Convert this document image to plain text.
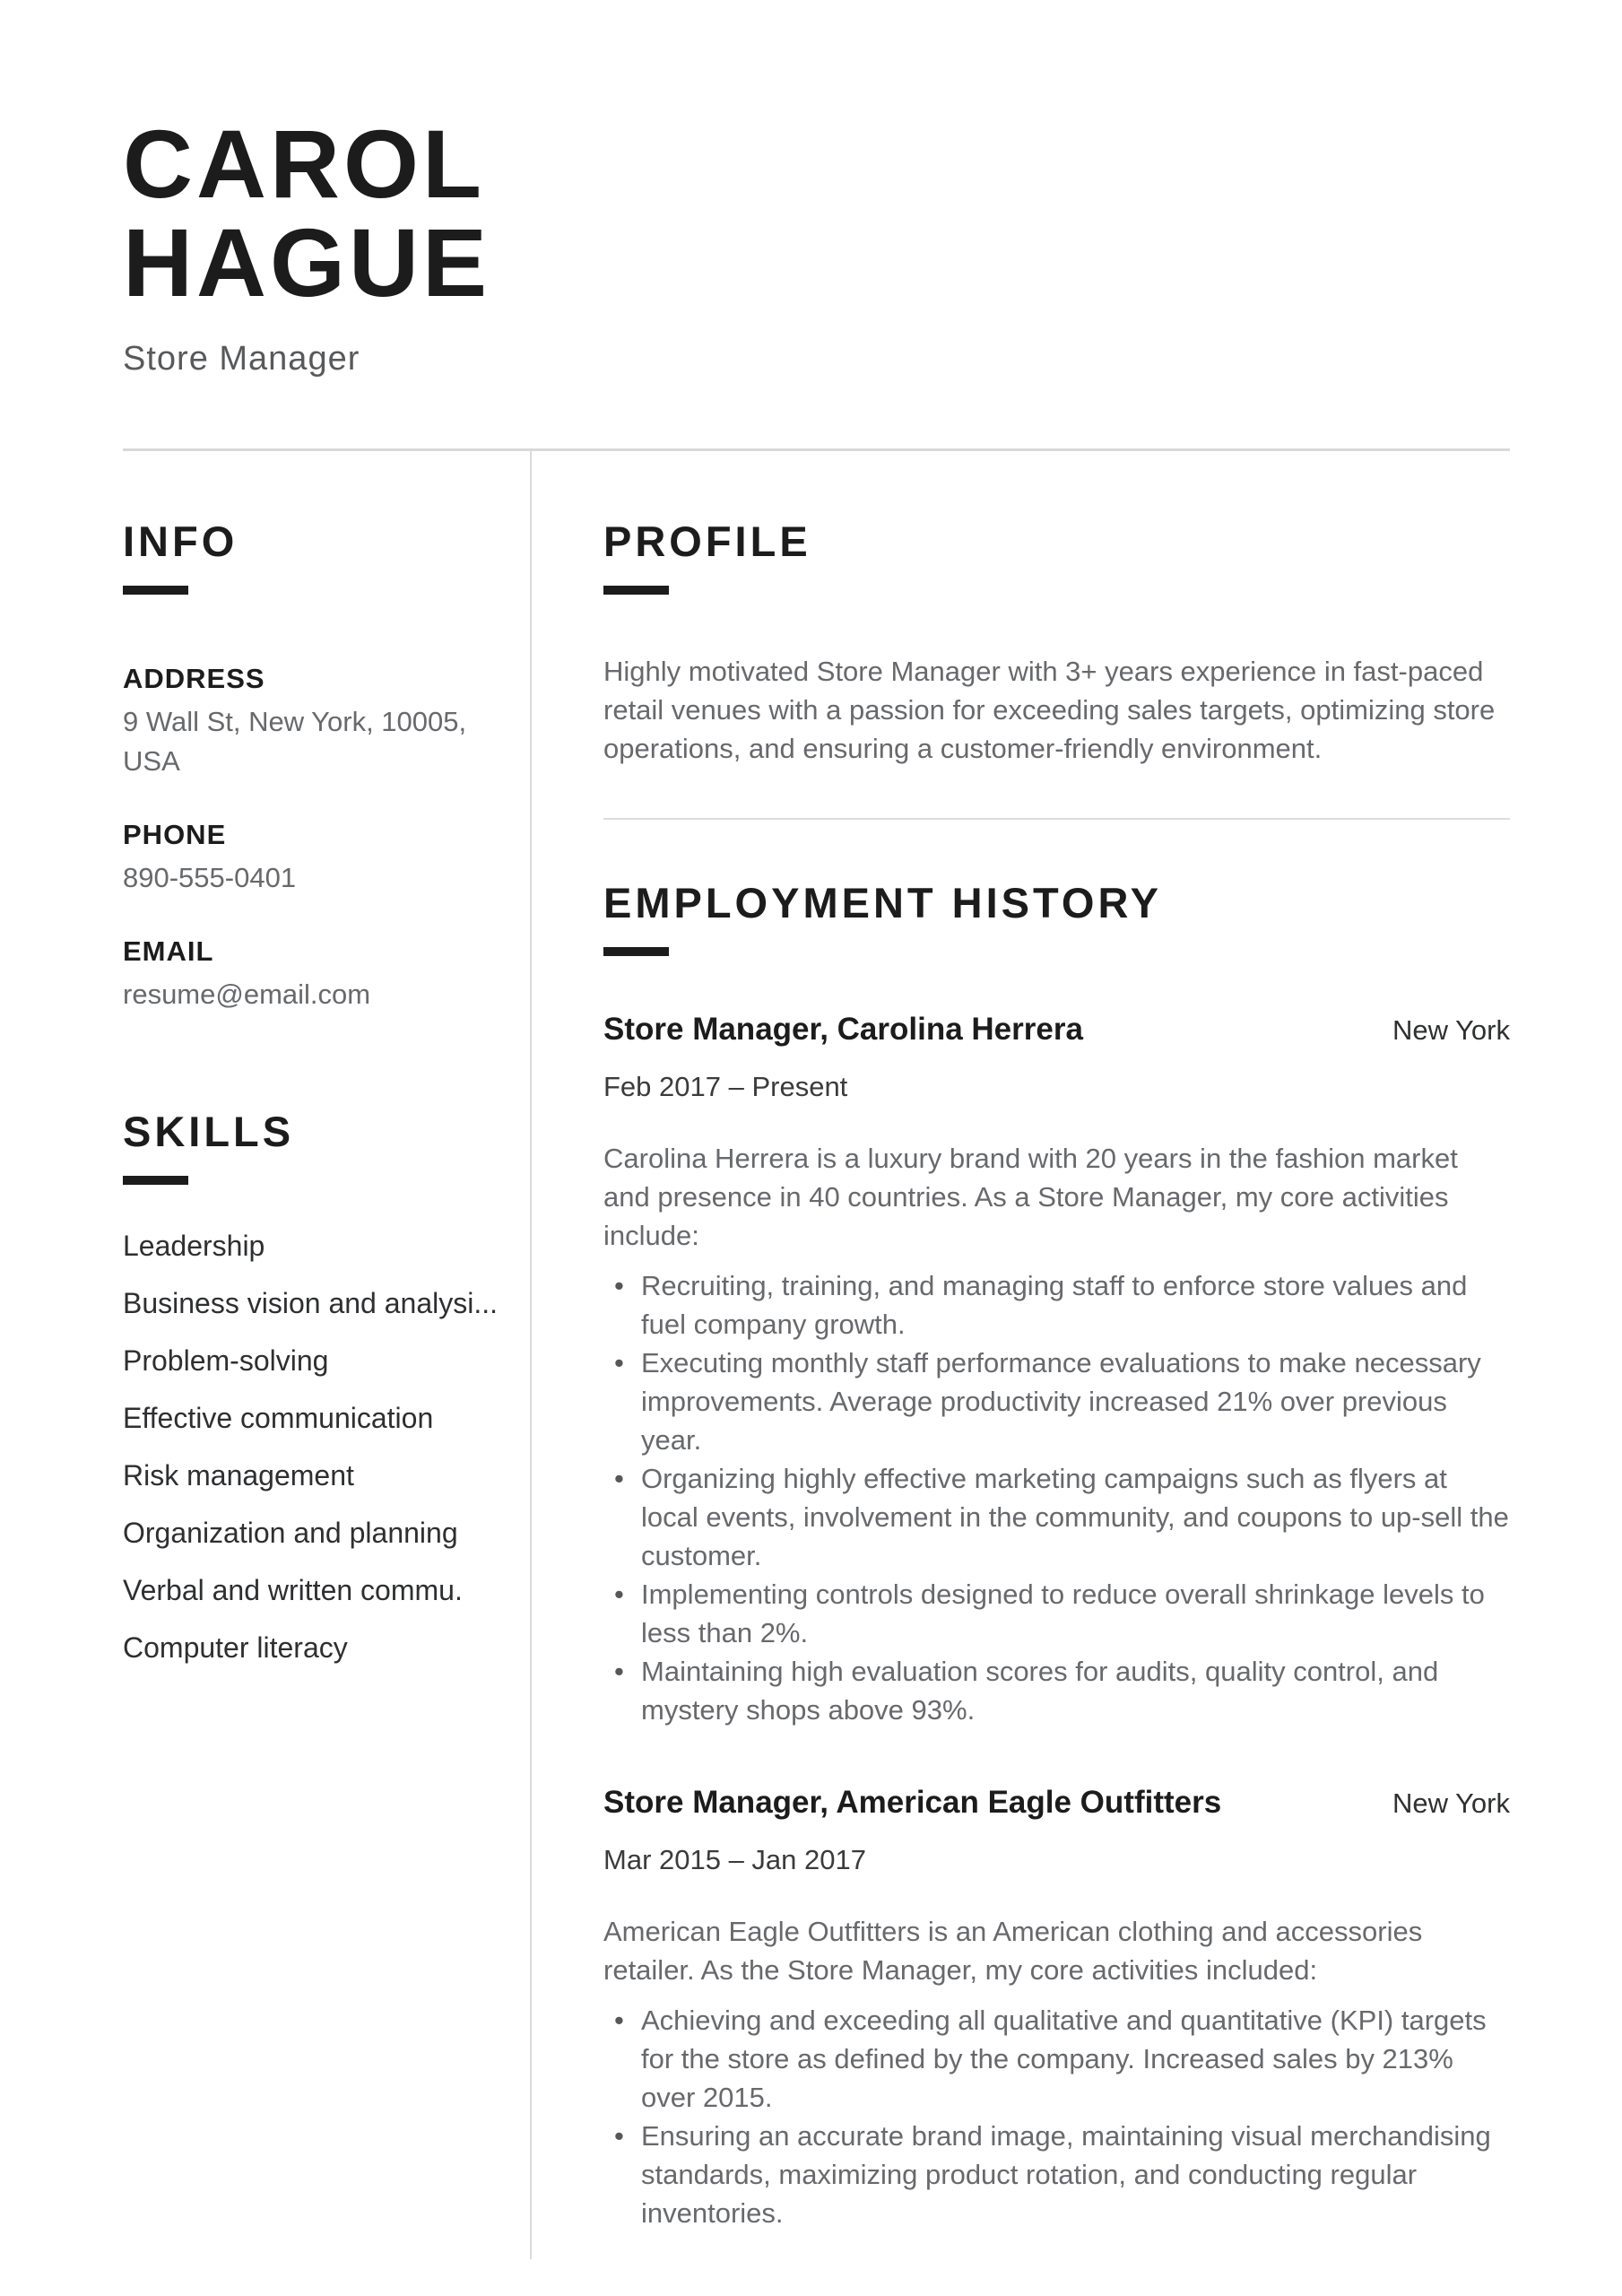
CAROL
HAGUE
Store Manager
INFO
ADDRESS
9 Wall St, New York, 10005,
USA
PHONE
890-555-0401
EMAIL
resume@email.com
SKILLS
Leadership
Business vision and analysi...
Problem-solving
Effective communication
Risk management
Organization and planning
Verbal and written commu.
Computer literacy
PROFILE

Highly motivated Store Manager with 3+ years experience in fast-paced retail venues with a passion for exceeding sales targets, optimizing store operations, and ensuring a customer-friendly environment.

EMPLOYMENT HISTORY
Store Manager, Carolina Herrera	New York
Feb 2017 – Present

Carolina Herrera is a luxury brand with 20 years in the fashion market and presence in 40 countries. As a Store Manager, my core activities include:

• Recruiting, training, and managing staff to enforce store values and fuel company growth.
• Executing monthly staff performance evaluations to make necessary improvements. Average productivity increased 21% over previous year.
• Organizing highly effective marketing campaigns such as flyers at local events, involvement in the community, and coupons to up-sell the customer.
• Implementing controls designed to reduce overall shrinkage levels to less than 2%.
• Maintaining high evaluation scores for audits, quality control, and mystery shops above 93%.
Store Manager, American Eagle Outfitters	New York
Mar 2015 – Jan 2017

American Eagle Outfitters is an American clothing and accessories retailer. As the Store Manager, my core activities included:

• Achieving and exceeding all qualitative and quantitative (KPI) targets for the store as defined by the company. Increased sales by 213% over 2015.
• Ensuring an accurate brand image, maintaining visual merchandising standards, maximizing product rotation, and conducting regular inventories.
